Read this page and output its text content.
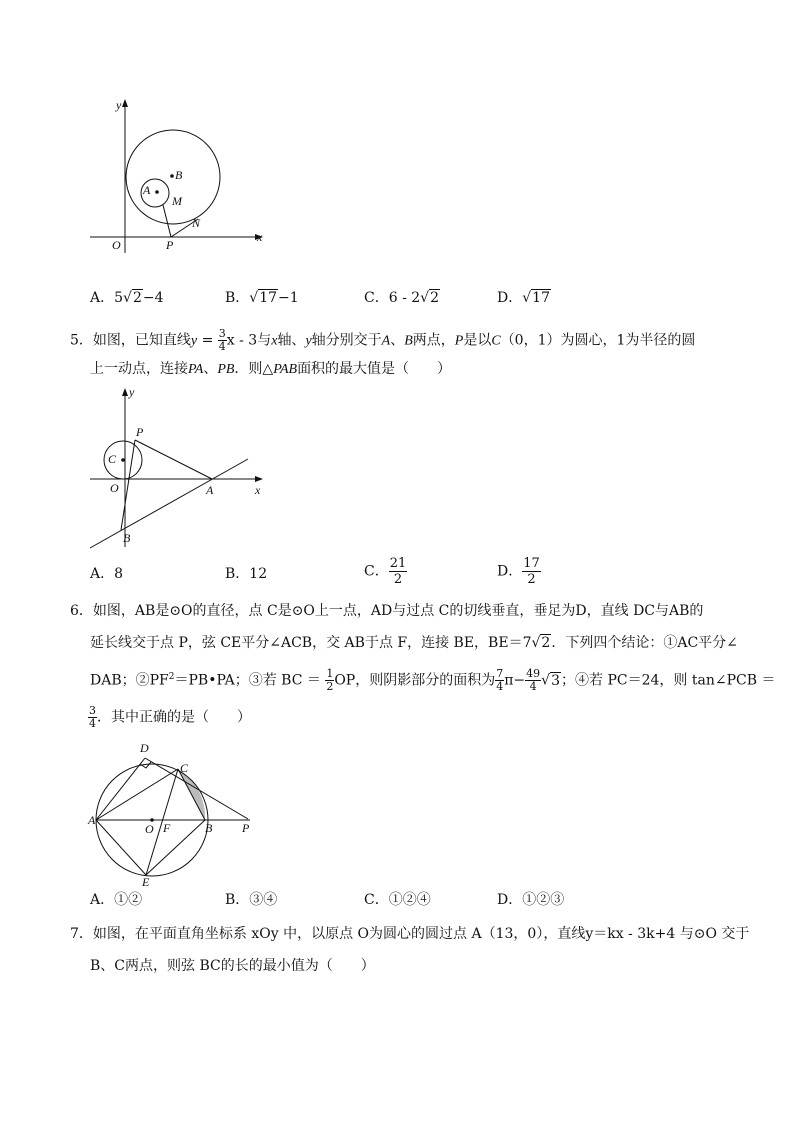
y
x
O
A
B
M
N
P
A．5√2−4	B．√17−1	C．6 - 2√2	D．√17
5．如图，已知直线$y = \frac{3}{4}$ x - 3与x轴、y轴分别交于A、B两点，P是以C（0，1）为圆心，1为半径的圆
上一动点，连接PA、PB．则△PAB面积的最大值是（　　）
y
x
O	A
B
C
P
A．8	B．12	C． $\frac{21}{2}$	D． $\frac{17}{2}$
6．如图，AB是⊙O的直径，点 C是⊙O上一点，AD与过点 C的切线垂直，垂足为D，直线 DC与AB的
延长线交于点 P，弦 CE平分∠ACB，交 AB于点 F，连接 BE，BE＝7√2．下列四个结论：①AC平分∠
DAB；$②PF^2=PB•PA$；③若 BC ＝ $\frac{1}{2}$ OP，则阴影部分的面积为 $\frac{7}{4} \pi- \frac{49}{4} √3$；④若 PC＝24，则 tan∠PCB ＝
$\frac{3}{4}$ ．其中正确的是（　　）
D
C
A
O F	B P
E
A．①②	B．③④	C．①②④	D．①②③
7．如图，在平面直角坐标系 xOy 中，以原点 O为圆心的圆过点 A（13，0），直线y＝kx - 3k+4 与⊙O 交于
B、C两点，则弦 BC的长的最小值为（　　）
